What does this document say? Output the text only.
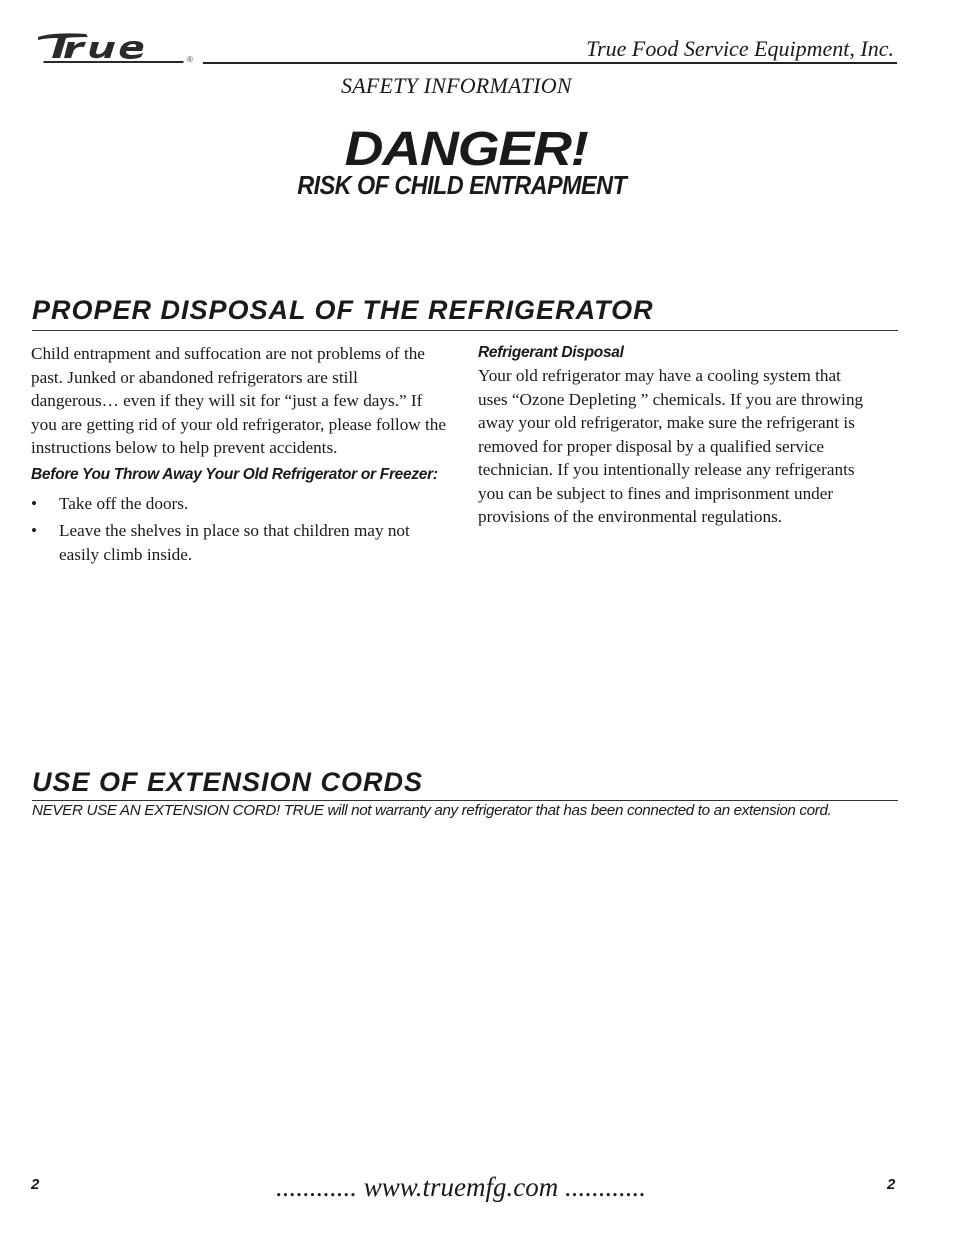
®	True Food Service Equipment, Inc.
SAFETY INFORMATION
DANGER!
RISK OF CHILD ENTRAPMENT
PROPER DISPOSAL OF THE REFRIGERATOR

Child entrapment and suffocation are not problems of the past. Junked or abandoned refrigerators are still dangerous… even if they will sit for “just a few days.” If you are getting rid of your old refrigerator, please follow the instructions below to help prevent accidents.

Before You Throw Away Your Old Refrigerator or Freezer:

• Take off the doors.
• Leave the shelves in place so that children may not easily climb inside.

Refrigerant Disposal

Your old refrigerator may have a cooling system that uses “Ozone Depleting ” chemicals. If you are throwing away your old refrigerator, make sure the refrigerant is removed for proper disposal by a qualified service technician. If you intentionally release any refrigerants you can be subject to fines and imprisonment under provisions of the environmental regulations.

USE OF EXTENSION CORDS
NEVER USE AN EXTENSION CORD! TRUE will not warranty any refrigerator that has been connected to an extension cord.
2	............ www.truemfg.com ............	2
